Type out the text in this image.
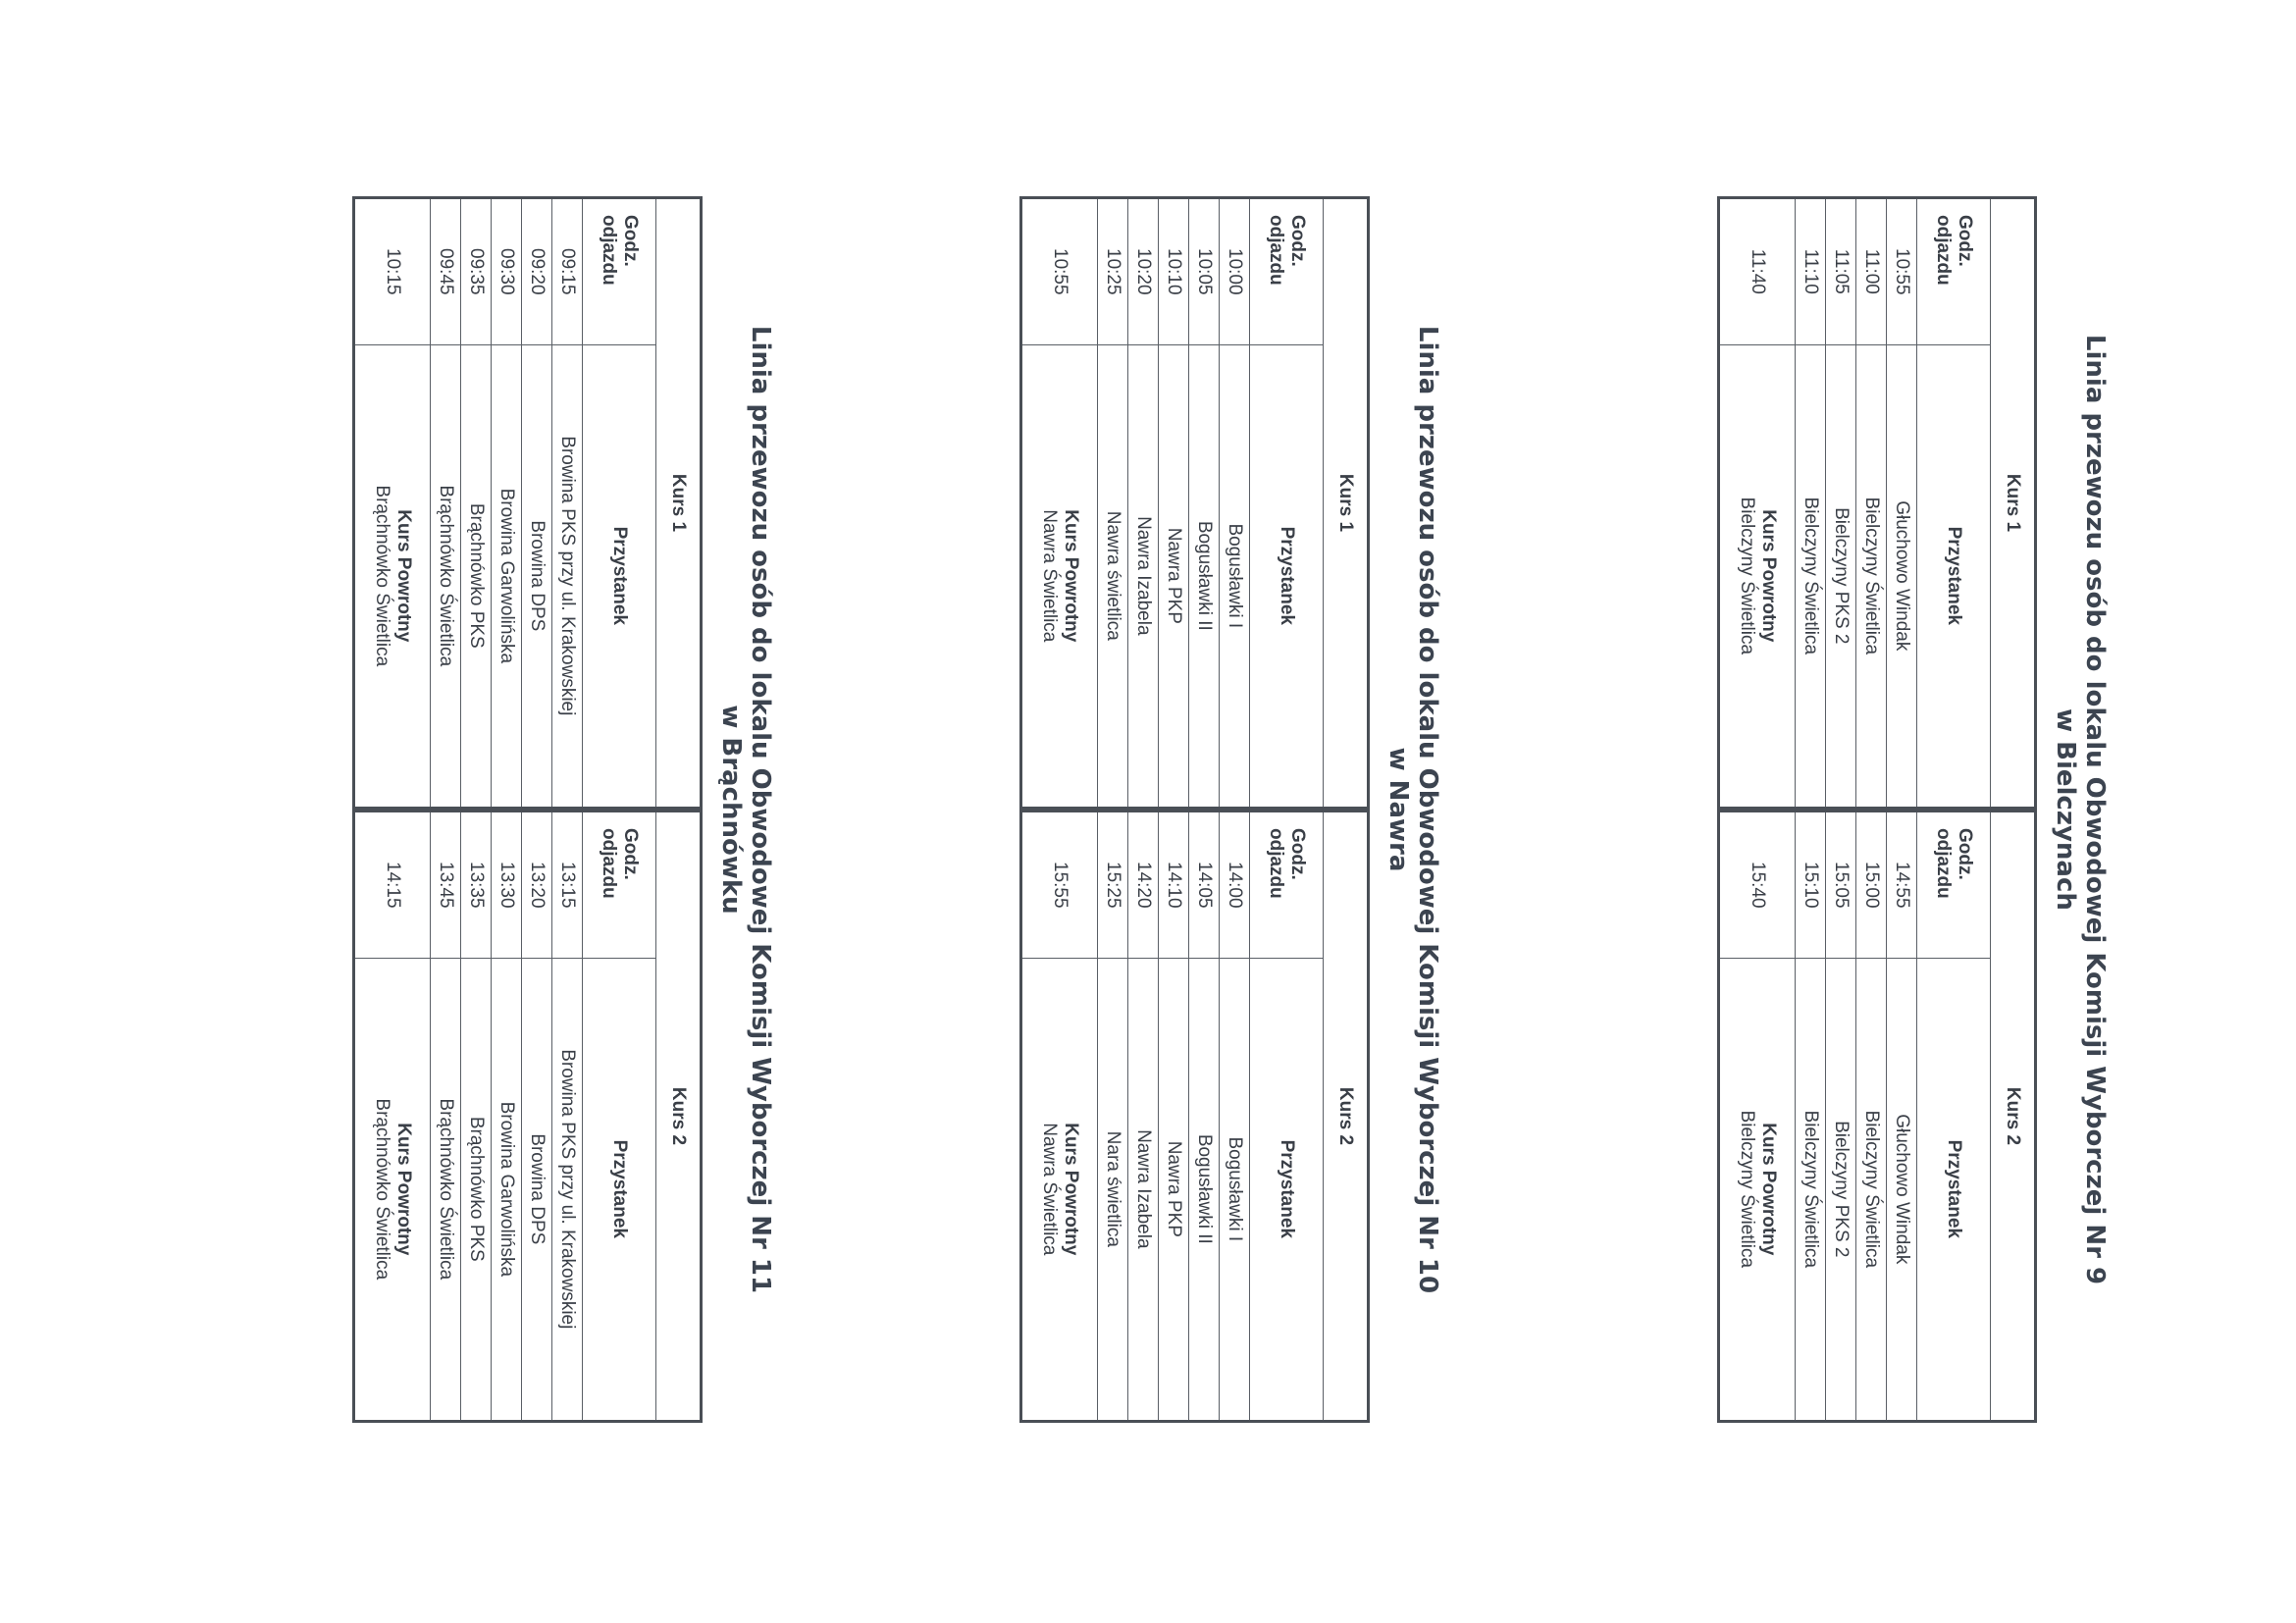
Linia przewozu osób do lokalu Obwodowej Komisji Wyborczej Nr 9
w Bielczynach
Kurs 1	
Godz.
odjazdu	Przystanek
10:55	Głuchowo Windak
11:00	Bielczyny Świetlica
11:05	Bielczyny PKS 2
11:10	Bielczyny Świetlica
11:40	Kurs Powrotny
Bielczyny Świetlica
Kurs 2	
Godz.
odjazdu	Przystanek
14:55	Głuchowo Windak
15:00	Bielczyny Świetlica
15:05	Bielczyny PKS 2
15:10	Bielczyny Świetlica
15:40	Kurs Powrotny
Bielczyny Świetlica
Linia przewozu osób do lokalu Obwodowej Komisji Wyborczej Nr 10
w Nawra
Kurs 1	
Godz.
odjazdu	Przystanek
10:00	Bogusławki I
10:05	Bogusławki II
10:10	Nawra PKP
10:20	Nawra Izabela
10:25	Nawra świetlica
10:55	Kurs Powrotny
Nawra Świetlica
Kurs 2	
Godz.
odjazdu	Przystanek
14:00	Bogusławki I
14:05	Bogusławki II
14:10	Nawra PKP
14:20	Nawra Izabela
15:25	Nara świetlica
15:55	Kurs Powrotny
Nawra Świetlica
Linia przewozu osób do lokalu Obwodowej Komisji Wyborczej Nr 11
w Brąchnówku
Kurs 1	
Godz.
odjazdu	Przystanek
09:15	Browina PKS przy ul. Krakowskiej
09:20	Browina DPS
09:30	Browina Garwolińska
09:35	Brąchnówko PKS
09:45	Brąchnówko Świetlica
10:15	Kurs Powrotny
Brąchnówko Świetlica
Kurs 2	
Godz.
odjazdu	Przystanek
13:15	Browina PKS przy ul. Krakowskiej
13:20	Browina DPS
13:30	Browina Garwolińska
13:35	Brąchnówko PKS
13:45	Brąchnówko Świetlica
14:15	Kurs Powrotny
Brąchnówko Świetlica
